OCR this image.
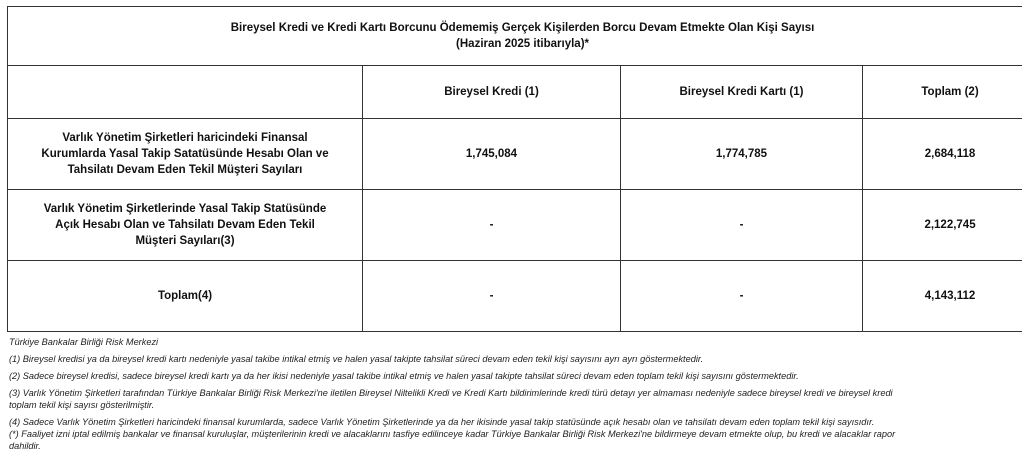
Bireysel Kredi ve Kredi Kartı Borcunu Ödememiş Gerçek Kişilerden Borcu Devam Etmekte Olan Kişi Sayısı
(Haziran 2025 itibarıyla)*			

	Bireysel Kredi (1)	Bireysel Kredi Kartı (1)	Toplam (2)

Varlık Yönetim Şirketleri haricindeki Finansal
Kurumlarda Yasal Takip Satatüsünde Hesabı Olan ve
Tahsilatı Devam Eden Tekil Müşteri Sayıları	1,745,084	1,774,785	2,684,118

Varlık Yönetim Şirketlerinde Yasal Takip Statüsünde
Açık Hesabı Olan ve Tahsilatı Devam Eden Tekil
Müşteri Sayıları(3)	-	-	2,122,745

Toplam(4)	-	-	4,143,112
Türkiye Bankalar Birliği Risk Merkezi
(1) Bireysel kredisi ya da bireysel kredi kartı nedeniyle yasal takibe intikal etmiş ve halen yasal takipte tahsilat süreci devam eden tekil kişi sayısını ayrı ayrı göstermektedir.
(2) Sadece bireysel kredisi, sadece bireysel kredi kartı ya da her ikisi nedeniyle yasal takibe intikal etmiş ve halen yasal takipte tahsilat süreci devam eden toplam tekil kişi sayısını göstermektedir.
(3) Varlık Yönetim Şirketleri tarafından Türkiye Bankalar Birliği Risk Merkezi'ne iletilen Bireysel Niltelikli Kredi ve Kredi Kartı bildirimlerinde kredi türü detayı yer almaması nedeniyle sadece bireysel kredi ve bireysel kredi
toplam tekil kişi sayısı gösterilmiştir.
(4) Sadece Varlık Yönetim Şirketleri haricindeki finansal kurumlarda, sadece Varlık Yönetim Şirketlerinde ya da her ikisinde yasal takip statüsünde açık hesabı olan ve tahsilatı devam eden toplam tekil kişi sayısıdır.
(*) Faaliyet izni iptal edilmiş bankalar ve finansal kuruluşlar, müşterilerinin kredi ve alacaklarını tasfiye edilinceye kadar Türkiye Bankalar Birliği Risk Merkezi'ne bildirmeye devam etmekte olup, bu kredi ve alacaklar rapor
dahildir.
